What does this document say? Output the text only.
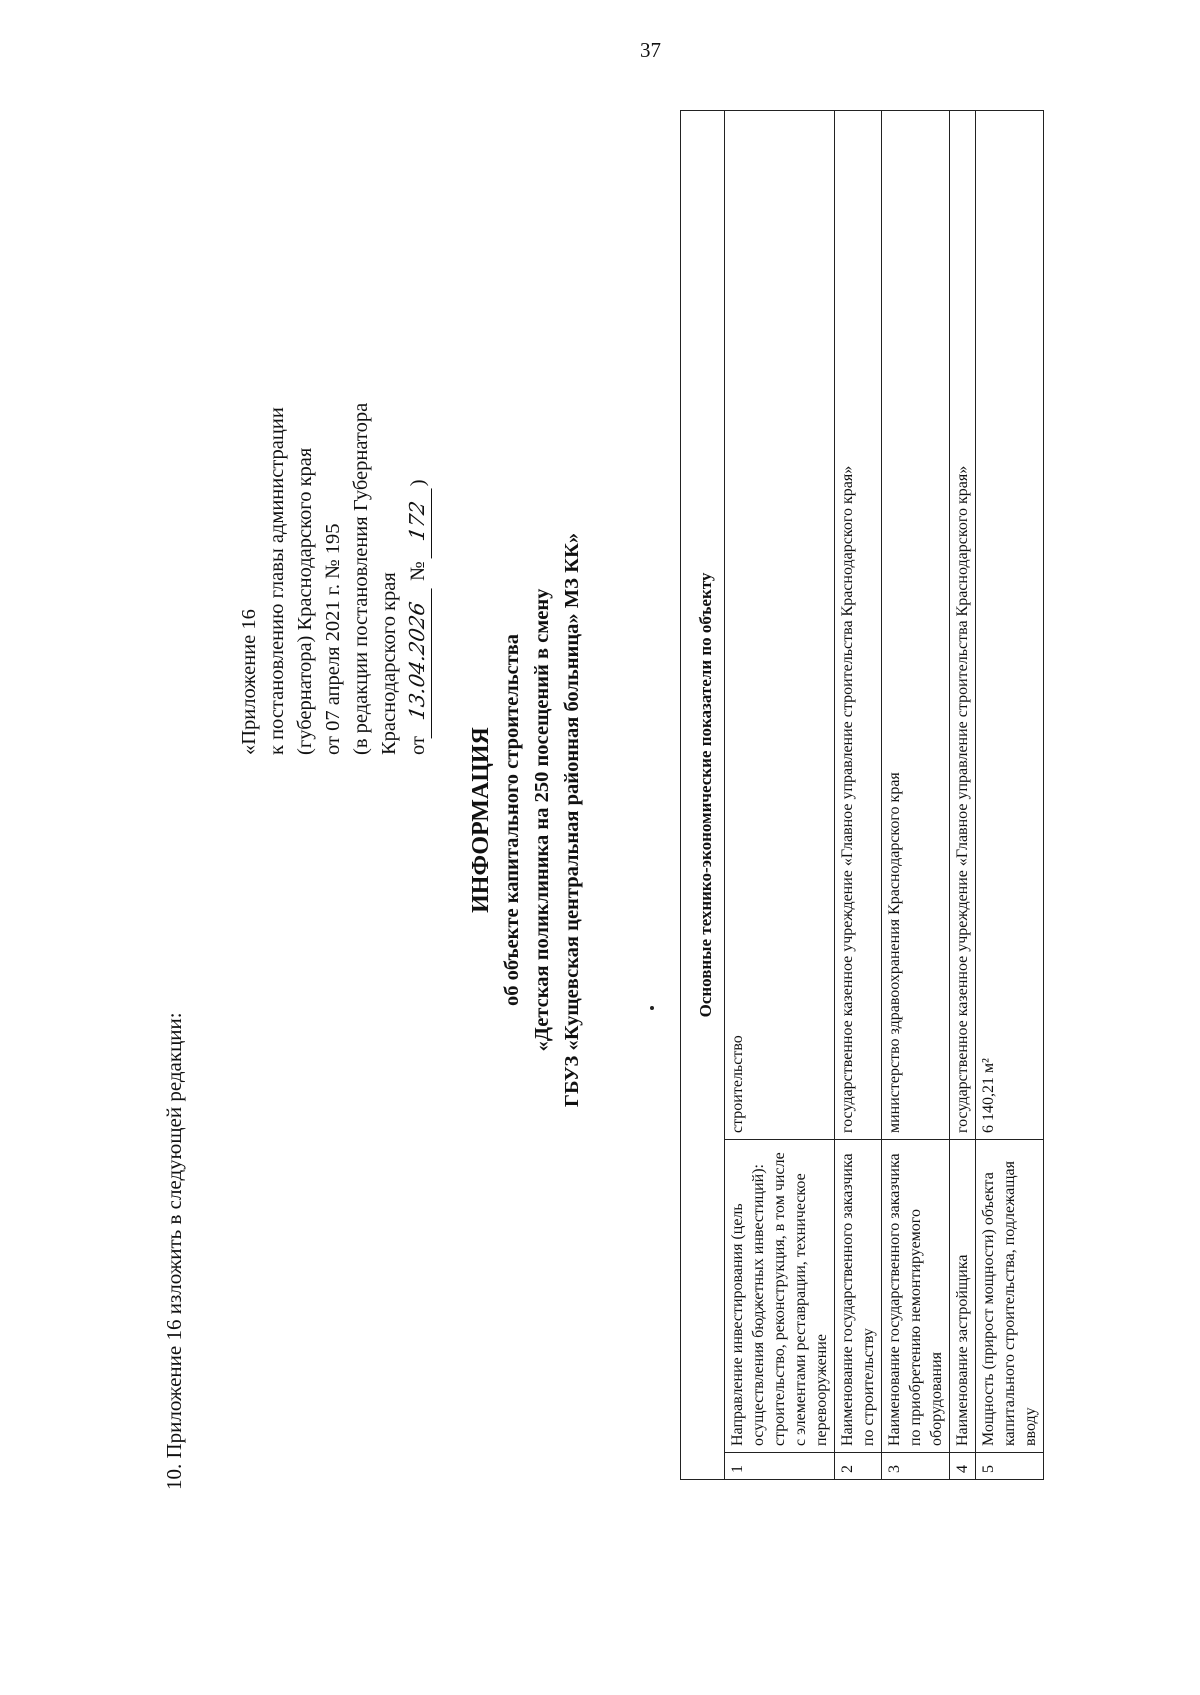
37
10. Приложение 16 изложить в следующей редакции:
«Приложение 16 к постановлению главы администрации (губернатора) Краснодарского края от 07 апреля 2021 г. № 195 (в редакции постановления Губернатора Краснодарского края от13.04.2026 № 172)
ИНФОРМАЦИЯ об объекте капитального строительства «Детская поликлиника на 250 посещений в смену ГБУЗ «Кущевская центральная районная больница» МЗ КК»	Основные технико-экономические показатели по объекту		
1	Направление инвестирования (цель осуществления бюджетных инвестиций): строительство, реконструкция, в том числе с элементами реставрации, техническое перевооружение	строительство
2	Наименование государственного заказчика по строительству	государственное казенное учреждение «Главное управление строительства Краснодарского края»
3	Наименование государственного заказчика по приобретению немонтируемого оборудования	министерство здравоохранения Краснодарского края
4	Наименование застройщика	государственное казенное учреждение «Главное управление строительства Краснодарского края»
5	Мощность (прирост мощности) объекта капитального строительства, подлежащая вводу	6 140,21 м²
